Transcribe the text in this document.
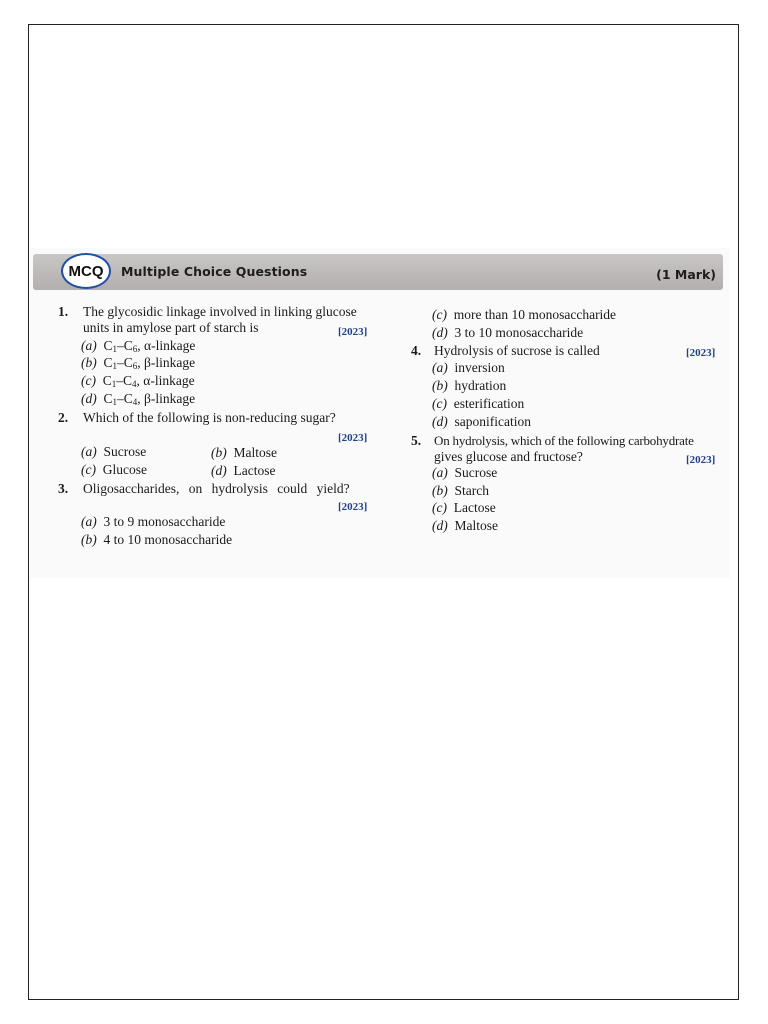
MCQ	Multiple Choice Questions	(1 Mark)
1. The glycosidic linkage involved in linking glucose
units in amylose part of starch is	[2023]
(a)  $C_1-C_6$, α-linkage
(b)  $C_1-C_6$, β-linkage
(c)  $C_1-C_4$, α-linkage
(d)  $C_1-C_4$, β-linkage
2. Which of the following is non-reducing sugar?
[2023]
(a) Sucrose	(b) Maltose
(c) Glucose	(d) Lactose
3. Oligosaccharides, on hydrolysis could yield?
[2023]
(a) 3 to 9 monosaccharide
(b) 4 to 10 monosaccharide
(c) more than 10 monosaccharide
(d) 3 to 10 monosaccharide
4. Hydrolysis of sucrose is called	[2023]
(a) inversion
(b) hydration
(c) esterification
(d) saponification
5. On hydrolysis, which of the following carbohydrate
gives glucose and fructose?	[2023]
(a) Sucrose
(b) Starch
(c) Lactose
(d) Maltose
